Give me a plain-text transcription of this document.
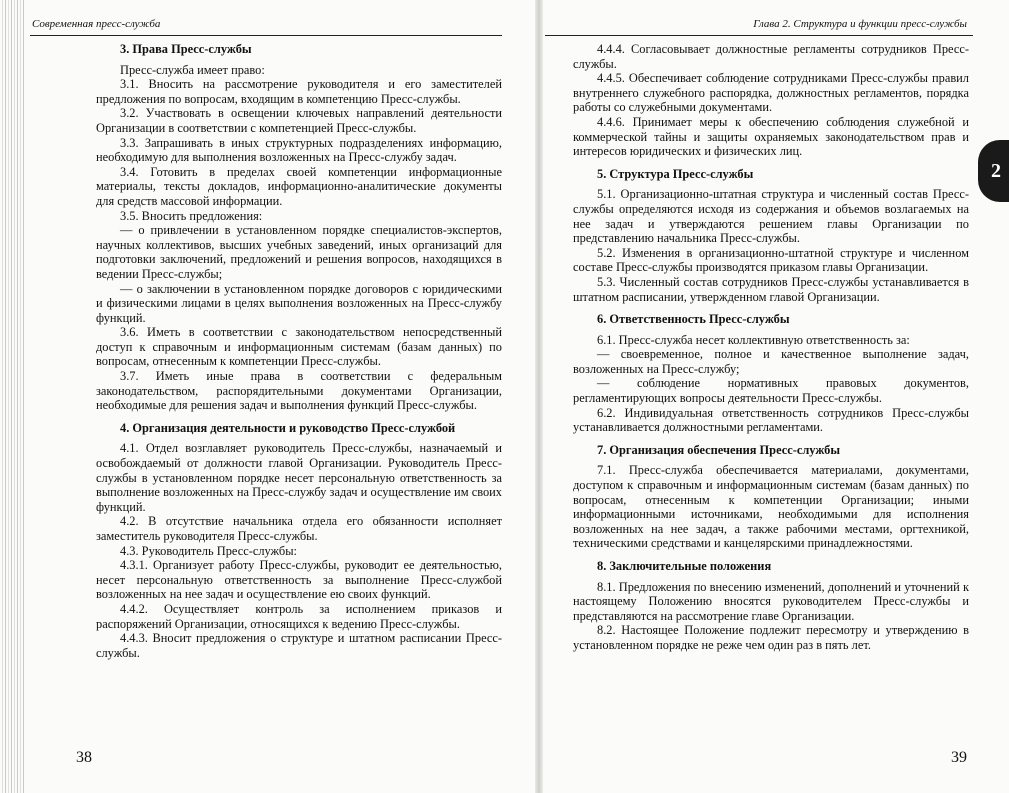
Современная пресс-служба
3. Права Пресс-службы

Пресс-служба имеет право:

3.1. Вносить на рассмотрение руководителя и его заместителей предложения по вопросам, входящим в компетенцию Пресс-службы.

3.2. Участвовать в освещении ключевых направлений деятельности Организации в соответствии с компетенцией Пресс-службы.

3.3. Запрашивать в иных структурных подразделениях информацию, необходимую для выполнения возложенных на Пресс-службу задач.

3.4. Готовить в пределах своей компетенции информационные материалы, тексты докладов, информационно-аналитические документы для средств массовой информации.

3.5. Вносить предложения:

— о привлечении в установленном порядке специалистов-экспертов, научных коллективов, высших учебных заведений, иных организаций для подготовки заключений, предложений и решения вопросов, находящихся в ведении Пресс-службы;

— о заключении в установленном порядке договоров с юридическими и физическими лицами в целях выполнения возложенных на Пресс-службу функций.

3.6. Иметь в соответствии с законодательством непосредственный доступ к справочным и информационным системам (базам данных) по вопросам, отнесенным к компетенции Пресс-службы.

3.7. Иметь иные права в соответствии с федеральным законодательством, распорядительными документами Организации, необходимые для решения задач и выполнения функций Пресс-службы.

4. Организация деятельности и руководство Пресс-службой

4.1. Отдел возглавляет руководитель Пресс-службы, назначаемый и освобождаемый от должности главой Организации. Руководитель Пресс-службы в установленном порядке несет персональную ответственность за выполнение возложенных на Пресс-службу задач и осуществление им своих функций.

4.2. В отсутствие начальника отдела его обязанности исполняет заместитель руководителя Пресс-службы.

4.3. Руководитель Пресс-службы:

4.3.1. Организует работу Пресс-службы, руководит ее деятельностью, несет персональную ответственность за выполнение Пресс-службой возложенных на нее задач и осуществление ею своих функций.

4.4.2. Осуществляет контроль за исполнением приказов и распоряжений Организации, относящихся к ведению Пресс-службы.

4.4.3. Вносит предложения о структуре и штатном расписании Пресс-службы.

38
Глава 2. Структура и функции пресс-службы

4.4.4. Согласовывает должностные регламенты сотрудников Пресс-службы.

4.4.5. Обеспечивает соблюдение сотрудниками Пресс-службы правил внутреннего служебного распорядка, должностных регламентов, порядка работы со служебными документами.

4.4.6. Принимает меры к обеспечению соблюдения служебной и коммерческой тайны и защиты охраняемых законодательством прав и интересов юридических и физических лиц.

5. Структура Пресс-службы

5.1. Организационно-штатная структура и численный состав Пресс-службы определяются исходя из содержания и объемов возлагаемых на нее задач и утверждаются решением главы Организации по представлению начальника Пресс-службы.

5.2. Изменения в организационно-штатной структуре и численном составе Пресс-службы производятся приказом главы Организации.

5.3. Численный состав сотрудников Пресс-службы устанавливается в штатном расписании, утвержденном главой Организации.

6. Ответственность Пресс-службы

6.1. Пресс-служба несет коллективную ответственность за:

— своевременное, полное и качественное выполнение задач, возложенных на Пресс-службу;

— соблюдение нормативных правовых документов, регламентирующих вопросы деятельности Пресс-службы.

6.2. Индивидуальная ответственность сотрудников Пресс-службы устанавливается должностными регламентами.

7. Организация обеспечения Пресс-службы

7.1. Пресс-служба обеспечивается материалами, документами, доступом к справочным и информационным системам (базам данных) по вопросам, отнесенным к компетенции Организации; иными информационными источниками, необходимыми для исполнения возложенных на нее задач, а также рабочими местами, оргтехникой, техническими средствами и канцелярскими принадлежностями.

8. Заключительные положения

8.1. Предложения по внесению изменений, дополнений и уточнений к настоящему Положению вносятся руководителем Пресс-службы и представляются на рассмотрение главе Организации.

8.2. Настоящее Положение подлежит пересмотру и утверждению в установленном порядке не реже чем один раз в пять лет.

39
2
